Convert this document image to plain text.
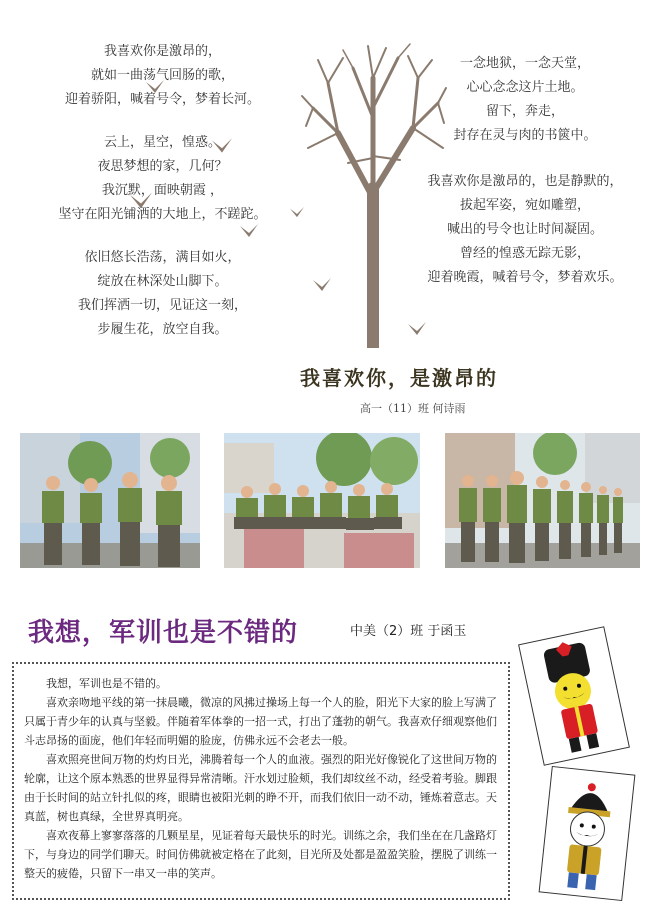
我喜欢你是激昂的，
就如一曲荡气回肠的歌，
迎着骄阳，喊着号令，梦着长河。
云上，星空，惶惑。
夜思梦想的家，几何？
我沉默，面映朝霞 ，
坚守在阳光铺洒的大地上，不蹉跎。
依旧悠长浩荡，满目如火，
绽放在林深处山脚下。
我们挥洒一切，见证这一刻，
步履生花，放空自我。
一念地狱，一念天堂，
心心念念这片土地。
留下，奔走，
封存在灵与肉的书篋中。
我喜欢你是激昂的，也是静默的，
拔起军姿，宛如雕塑，
喊出的号令也让时间凝固。
曾经的惶惑无踪无影，
迎着晚霞，喊着号令，梦着欢乐。
我喜欢你，是激昂的
高一（11）班 何诗雨
我想，军训也是不错的	中美（2）班 于函玉

我想，军训也是不错的。

喜欢亲吻地平线的第一抹晨曦，微凉的风拂过操场上每一个人的脸，阳光下大家的脸上写满了只属于青少年的认真与坚毅。伴随着军体拳的一招一式，打出了蓬勃的朝气。我喜欢仔细观察他们斗志昂扬的面庞，他们年轻而明媚的脸庞，仿佛永远不会老去一般。

喜欢照亮世间万物的灼灼日光，沸腾着每一个人的血液。强烈的阳光好像锐化了这世间万物的轮廓，让这个原本熟悉的世界显得异常清晰。汗水划过脸颊，我们却纹丝不动，经受着考验。脚跟由于长时间的站立针扎似的疼，眼睛也被阳光刺的睁不开，而我们依旧一动不动，锤炼着意志。天真蓝，树也真绿，全世界真明亮。

喜欢夜幕上寥寥落落的几颗星星，见证着每天最快乐的时光。训练之余，我们坐在在几盏路灯下，与身边的同学们聊天。时间仿佛就被定格在了此刻，目光所及处都是盈盈笑脸，摆脱了训练一整天的疲倦，只留下一串又一串的笑声。
